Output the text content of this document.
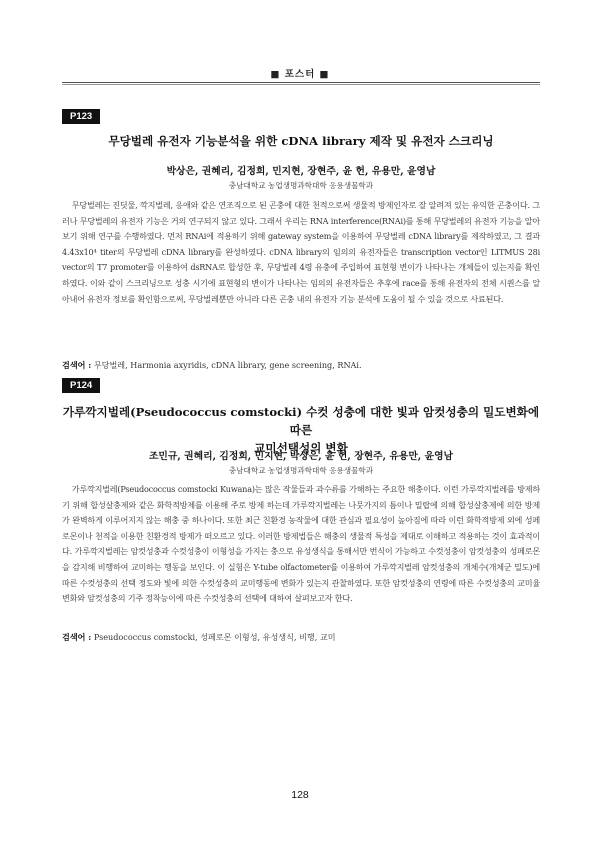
■ 포스터 ■
P123
무당벌레 유전자 기능분석을 위한 cDNA library 제작 및 유전자 스크리닝
박상은, 권혜리, 김정희, 민지현, 장현주, 윤 헌, 유용만, 윤영남
충남대학교 농업생명과학대학 응용생물학과
무당벌레는 진딧물, 깍지벌레, 응애와 같은 연조직으로 된 곤충에 대한 천적으로써 생물적 방제인자로 잘 알려져 있는 유익한 곤충이다. 그러나 무당벌레의 유전자 기능은 거의 연구되지 않고 있다. 그래서 우리는 RNA interference(RNAi)를 통해 무당벌레의 유전자 기능을 알아보기 위해 연구를 수행하였다. 먼저 RNAi에 적용하기 위해 gateway system을 이용하여 무당벌레 cDNA library를 제작하였고, 그 결과 4.43x10⁴ titer의 무당벌레 cDNA library를 완성하였다. cDNA library의 임의의 유전자들은 transcription vector인 LITMUS 28i vector의 T7 promoter를 이용하여 dsRNA로 합성한 후, 무당벌레 4령 유충에 주입하여 표현형 변이가 나타나는 개체들이 있는지를 확인하였다. 이와 같이 스크리닝으로 성충 시기에 표현형의 변이가 나타나는 임의의 유전자들은 추후에 race를 통해 유전자의 전체 시퀀스를 알아내어 유전자 정보를 확인함으로써, 무당벌레뿐만 아니라 다른 곤충 내의 유전자 기능 분석에 도움이 될 수 있을 것으로 사료된다.
검색어 : 무당벌레, Harmonia axyridis, cDNA library, gene screening, RNAi.
P124
가루깍지벌레(Pseudococcus comstocki) 수컷 성충에 대한 빛과 암컷성충의 밀도변화에 따른
교미선택성의 변화
조민규, 권혜리, 김정희, 민지현, 박상은, 윤 헌, 장현주, 유용만, 윤영남
충남대학교 농업생명과학대학 응용생물학과
가루깍지벌레(Pseudococcus comstocki Kuwana)는 많은 작물들과 과수류를 가해하는 주요한 해충이다. 이런 가루깍지벌레를 방제하기 위해 합성살충제와 같은 화학적방제를 이용해 주로 방제 하는데 가루깍지벌레는 나뭇가지의 틈이나 밀랍에 의해 합성살충제에 의한 방제가 완벽하게 이루어지지 않는 해충 중 하나이다. 또한 최근 친환경 농작물에 대한 관심과 필요성이 높아짐에 따라 이런 화학적방제 외에 성페로몬이나 천적을 이용한 친환경적 방제가 떠오르고 있다. 이러한 방제법들은 해충의 생물적 특성을 제대로 이해하고 적용하는 것이 효과적이다. 가루깍지벌레는 암컷성충과 수컷성충이 이형성을 가지는 충으로 유성생식을 통해서만 번식이 가능하고 수컷성충이 암컷성충의 성페로몬을 감지해 비행하여 교미하는 행동을 보인다. 이 실험은 Y-tube olfactometer를 이용하여 가루깍지벌레 암컷성충의 개체수(개체군 밀도)에 따른 수컷성충의 선택 정도와 빛에 의한 수컷성충의 교미행동에 변화가 있는지 관찰하였다. 또한 암컷성충의 연령에 따른 수컷성충의 교미율 변화와 암컷성충의 기주 정착능이에 따른 수컷성충의 선택에 대하여 살펴보고자 한다.
검색어 : Pseudococcus comstocki, 성페로몬 이형성, 유성생식, 비행, 교미
128
